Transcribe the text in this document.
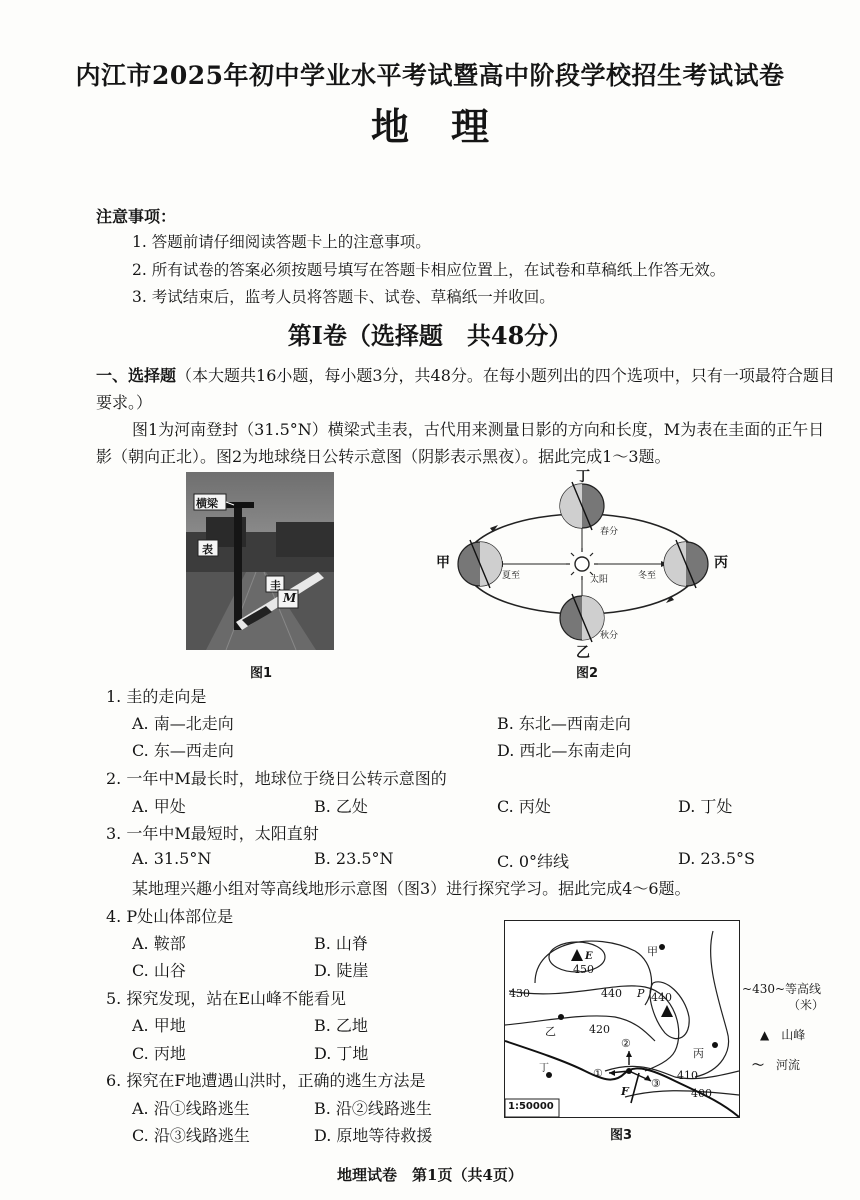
内江市2025年初中学业水平考试暨高中阶段学校招生考试试卷
地理
注意事项：
1. 答题前请仔细阅读答题卡上的注意事项。
2. 所有试卷的答案必须按题号填写在答题卡相应位置上，在试卷和草稿纸上作答无效。
3. 考试结束后，监考人员将答题卡、试卷、草稿纸一并收回。
第Ⅰ卷（选择题　共48分）
一、选择题（本大题共16小题，每小题3分，共48分。在每小题列出的四个选项中，只有一项最符合题目要求。）
图1为河南登封（31.5°N）横梁式圭表，古代用来测量日影的方向和长度，M为表在圭面的正午日影（朝向正北）。图2为地球绕日公转示意图（阴影表示黑夜）。据此完成1～3题。
横梁
表
圭
M
图1
甲	丙
丁
乙
春分
夏至	冬至
秋分
太阳
图2
1. 圭的走向是
A. 南—北走向	B. 东北—西南走向
C. 东—西走向	D. 西北—东南走向
2. 一年中M最长时，地球位于绕日公转示意图的
A. 甲处	B. 乙处	C. 丙处	D. 丁处
3. 一年中M最短时，太阳直射
A. 31.5°N	B. 23.5°N	C. 0°纬线	D. 23.5°S
某地理兴趣小组对等高线地形示意图（图3）进行探究学习。据此完成4～6题。
4. P处山体部位是
A. 鞍部	B. 山脊
C. 山谷	D. 陡崖
5. 探究发现，站在E山峰不能看见
A. 甲地	B. 乙地
C. 丙地	D. 丁地
6. 探究在F地遭遇山洪时，正确的逃生方法是
A. 沿①线路逃生	B. 沿②线路逃生
C. 沿③线路逃生	D. 原地等待救援
450
430	440	440
420
410
400
甲
乙
丙
丁
E
P
F
①
②
③
1:50000
图3
~430~等高线
（米）
▲　 山峰
〜　 河流
地理试卷　第1页（共4页）
